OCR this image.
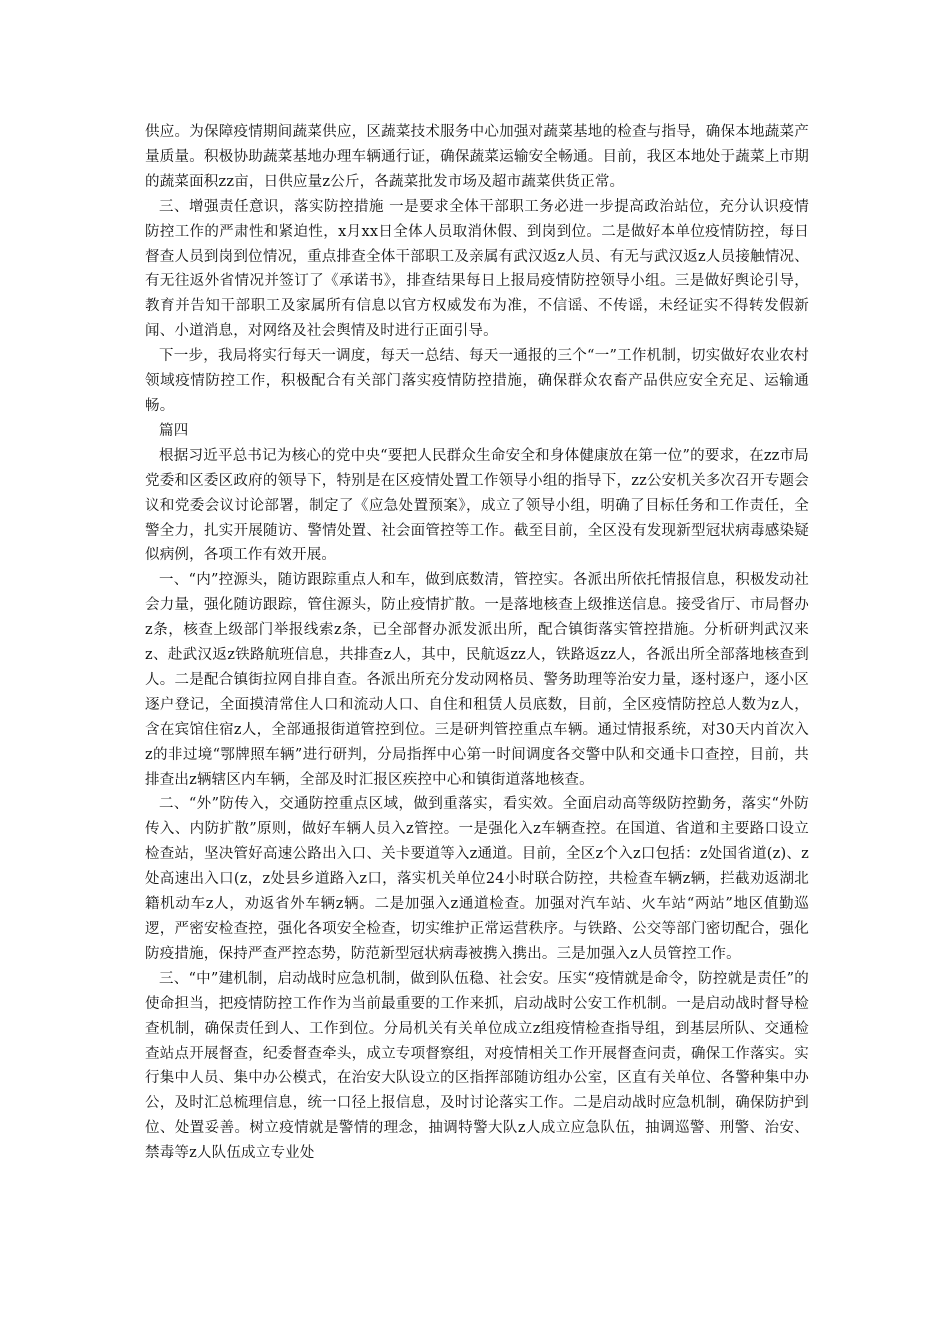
供应。为保障疫情期间蔬菜供应，区蔬菜技术服务中心加强对蔬菜基地的检查与指导，确保本地蔬菜产量质量。积极协助蔬菜基地办理车辆通行证，确保蔬菜运输安全畅通。目前，我区本地处于蔬菜上市期的蔬菜面积zz亩，日供应量z公斤，各蔬菜批发市场及超市蔬菜供货正常。

三、增强责任意识，落实防控措施 一是要求全体干部职工务必进一步提高政治站位，充分认识疫情防控工作的严肃性和紧迫性，x月xx日全体人员取消休假、到岗到位。二是做好本单位疫情防控，每日督查人员到岗到位情况，重点排查全体干部职工及亲属有武汉返z人员、有无与武汉返z人员接触情况、有无往返外省情况并签订了《承诺书》，排查结果每日上报局疫情防控领导小组。三是做好舆论引导，教育并告知干部职工及家属所有信息以官方权威发布为准，不信谣、不传谣，未经证实不得转发假新闻、小道消息，对网络及社会舆情及时进行正面引导。

下一步，我局将实行每天一调度，每天一总结、每天一通报的三个“一”工作机制，切实做好农业农村领域疫情防控工作，积极配合有关部门落实疫情防控措施，确保群众农畜产品供应安全充足、运输通畅。

篇四

根据习近平总书记为核心的党中央“要把人民群众生命安全和身体健康放在第一位”的要求，在zz市局党委和区委区政府的领导下，特别是在区疫情处置工作领导小组的指导下，zz公安机关多次召开专题会议和党委会议讨论部署，制定了《应急处置预案》，成立了领导小组，明确了目标任务和工作责任，全警全力，扎实开展随访、警情处置、社会面管控等工作。截至目前，全区没有发现新型冠状病毒感染疑似病例，各项工作有效开展。

一、“内”控源头，随访跟踪重点人和车，做到底数清，管控实。各派出所依托情报信息，积极发动社会力量，强化随访跟踪，管住源头，防止疫情扩散。一是落地核查上级推送信息。接受省厅、市局督办z条，核查上级部门举报线索z条，已全部督办派发派出所，配合镇街落实管控措施。分析研判武汉来z、赴武汉返z铁路航班信息，共排查z人，其中，民航返zz人，铁路返zz人，各派出所全部落地核查到人。二是配合镇街拉网自排自查。各派出所充分发动网格员、警务助理等治安力量，逐村逐户，逐小区逐户登记，全面摸清常住人口和流动人口、自住和租赁人员底数，目前，全区疫情防控总人数为z人，含在宾馆住宿z人，全部通报街道管控到位。三是研判管控重点车辆。通过情报系统，对30天内首次入z的非过境“鄂牌照车辆”进行研判，分局指挥中心第一时间调度各交警中队和交通卡口查控，目前，共排查出z辆辖区内车辆，全部及时汇报区疾控中心和镇街道落地核查。

二、“外”防传入，交通防控重点区域，做到重落实，看实效。全面启动高等级防控勤务，落实“外防传入、内防扩散”原则，做好车辆人员入z管控。一是强化入z车辆查控。在国道、省道和主要路口设立检查站，坚决管好高速公路出入口、关卡要道等入z通道。目前，全区z个入z口包括：z处国省道(z)、z处高速出入口(z，z处县乡道路入z口，落实机关单位24小时联合防控，共检查车辆z辆，拦截劝返湖北籍机动车z人，劝返省外车辆z辆。二是加强入z通道检查。加强对汽车站、火车站“两站”地区值勤巡逻，严密安检查控，强化各项安全检查，切实维护正常运营秩序。与铁路、公交等部门密切配合，强化防疫措施，保持严查严控态势，防范新型冠状病毒被携入携出。三是加强入z人员管控工作。

三、“中”建机制，启动战时应急机制，做到队伍稳、社会安。压实“疫情就是命令，防控就是责任”的使命担当，把疫情防控工作作为当前最重要的工作来抓，启动战时公安工作机制。一是启动战时督导检查机制，确保责任到人、工作到位。分局机关有关单位成立z组疫情检查指导组，到基层所队、交通检查站点开展督查，纪委督查牵头，成立专项督察组，对疫情相关工作开展督查问责，确保工作落实。实行集中人员、集中办公模式，在治安大队设立的区指挥部随访组办公室，区直有关单位、各警种集中办公，及时汇总梳理信息，统一口径上报信息，及时讨论落实工作。二是启动战时应急机制，确保防护到位、处置妥善。树立疫情就是警情的理念，抽调特警大队z人成立应急队伍，抽调巡警、刑警、治安、禁毒等z人队伍成立专业处
